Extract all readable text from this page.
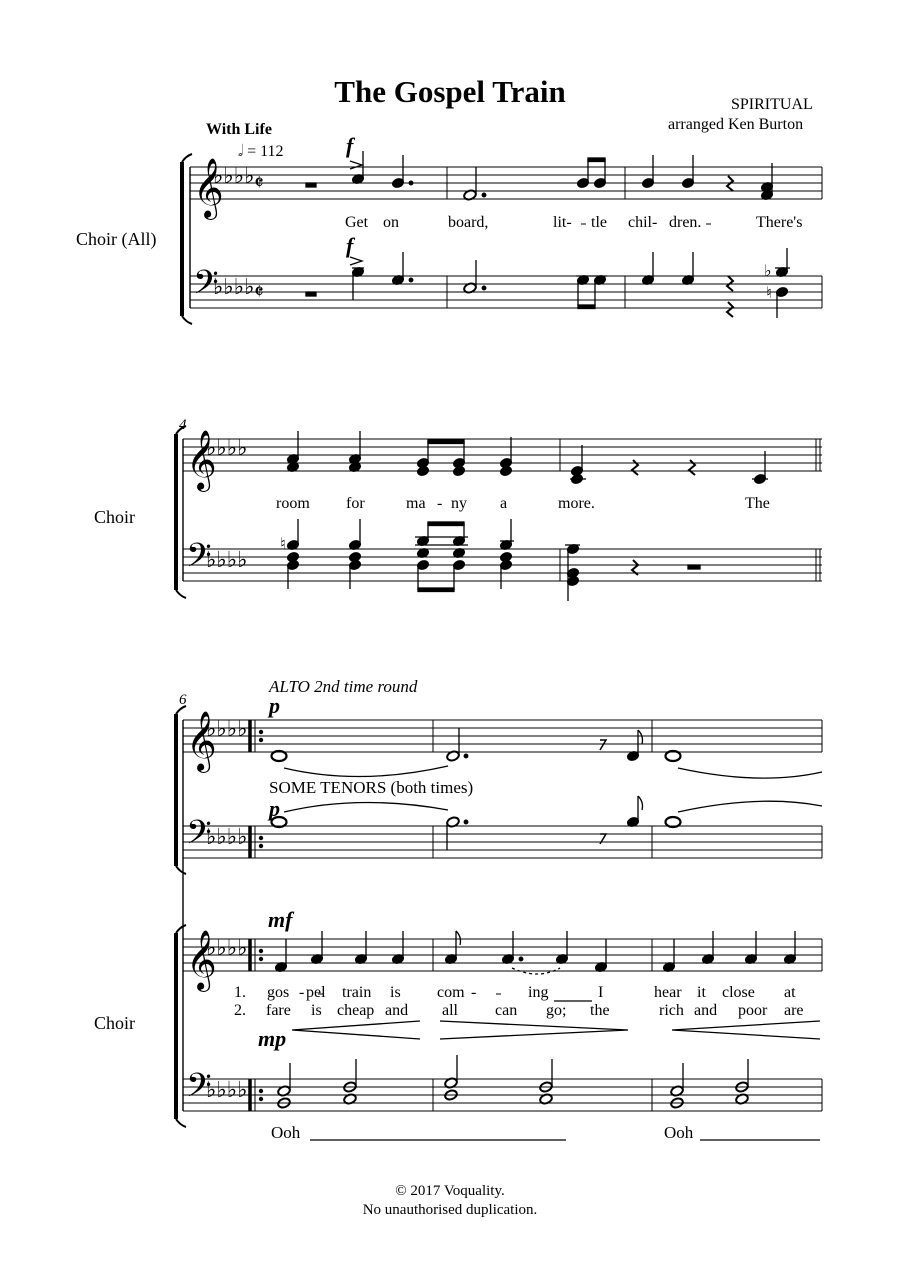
𝄞
𝄢
♭♭♭♭
♭♭♭♭
𝄵
𝄵
𝄞
𝄢
♭♭♭♭
♭♭♭♭
𝄞
𝄢
𝄞
𝄢
♭♭♭♭
♭♭♭♭
♭♭♭♭
♭♭♭♭
♭
♮
♮
The Gospel Train	SPIRITUAL
arranged Ken Burton
With Life
𝅗𝅥 = 112
Choir (All)
f
f
Get on	board,	lit- tle chil- dren.	There's
4
Choir
room for	ma - ny a	more.	The
6
ALTO 2nd time round
SOME TENORS (both times)
p
p
mf
mp
Choir
1. gos - pel train is com -	ing	I	hear it close at
2. fare is cheap and all can go; the	rich and poor are
Ooh	Ooh
© 2017 Voquality.
No unauthorised duplication.
